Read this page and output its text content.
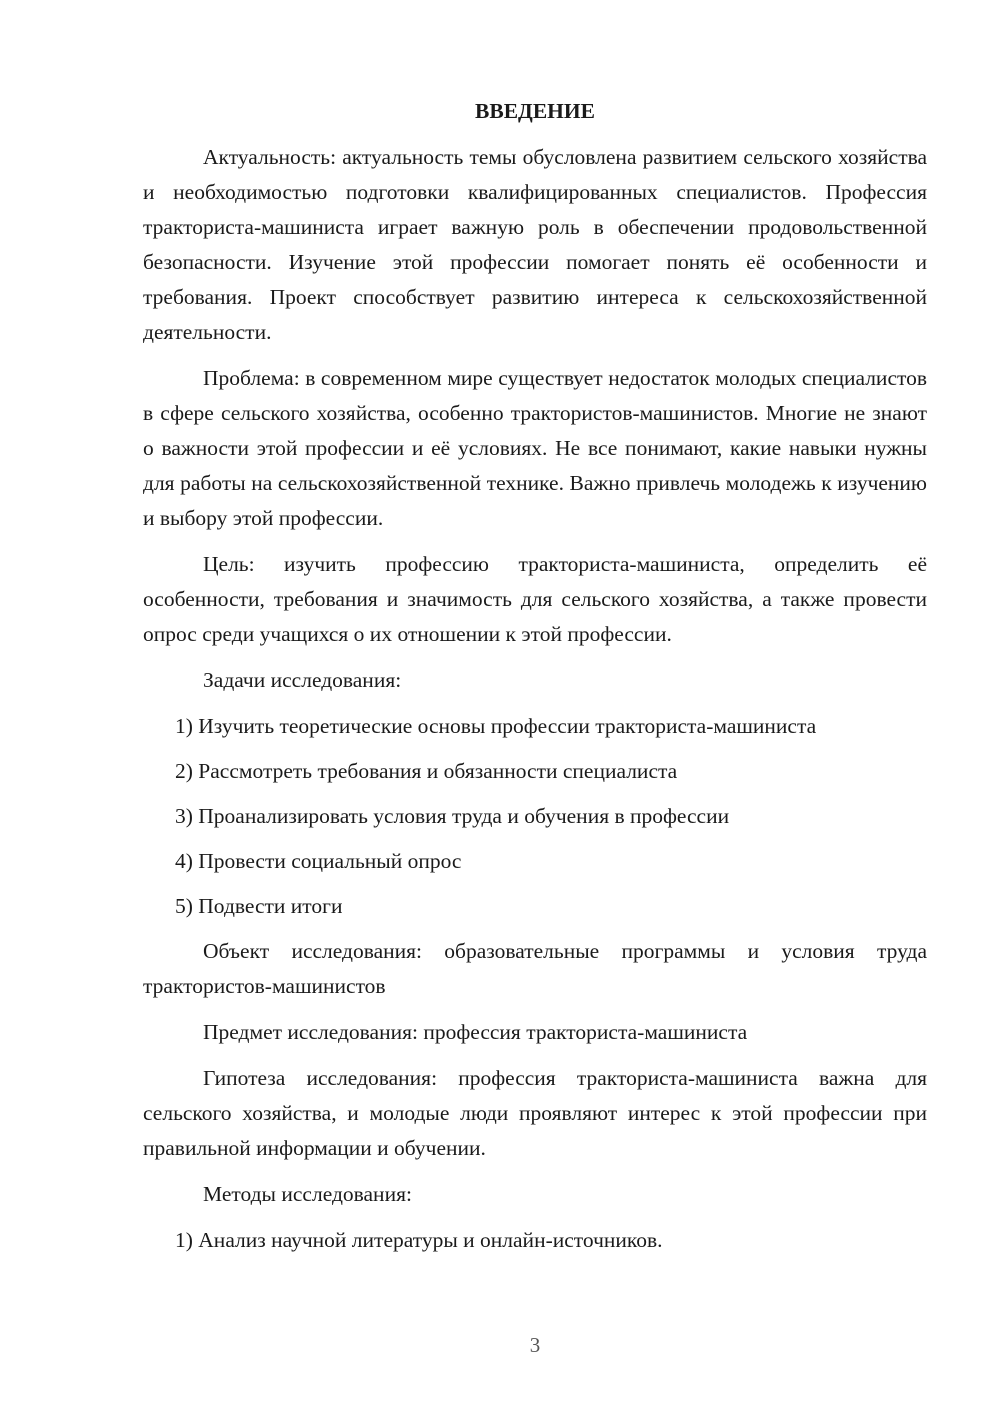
ВВЕДЕНИЕ

Актуальность: актуальность темы обусловлена развитием сельского хозяйства и необходимостью подготовки квалифицированных специалистов. Профессия тракториста-машиниста играет важную роль в обеспечении продовольственной безопасности. Изучение этой профессии помогает понять её особенности и требования. Проект способствует развитию интереса к сельскохозяйственной деятельности.

Проблема: в современном мире существует недостаток молодых специалистов в сфере сельского хозяйства, особенно трактористов-машинистов. Многие не знают о важности этой профессии и её условиях. Не все понимают, какие навыки нужны для работы на сельскохозяйственной технике. Важно привлечь молодежь к изучению и выбору этой профессии.

Цель: изучить профессию тракториста-машиниста, определить её особенности, требования и значимость для сельского хозяйства, а также провести опрос среди учащихся о их отношении к этой профессии.

Задачи исследования:

1) Изучить теоретические основы профессии тракториста-машиниста

2) Рассмотреть требования и обязанности специалиста

3) Проанализировать условия труда и обучения в профессии

4) Провести социальный опрос

5) Подвести итоги

Объект исследования: образовательные программы и условия труда трактористов-машинистов

Предмет исследования: профессия тракториста-машиниста

Гипотеза исследования: профессия тракториста-машиниста важна для сельского хозяйства, и молодые люди проявляют интерес к этой профессии при правильной информации и обучении.

Методы исследования:

1) Анализ научной литературы и онлайн-источников.

3
